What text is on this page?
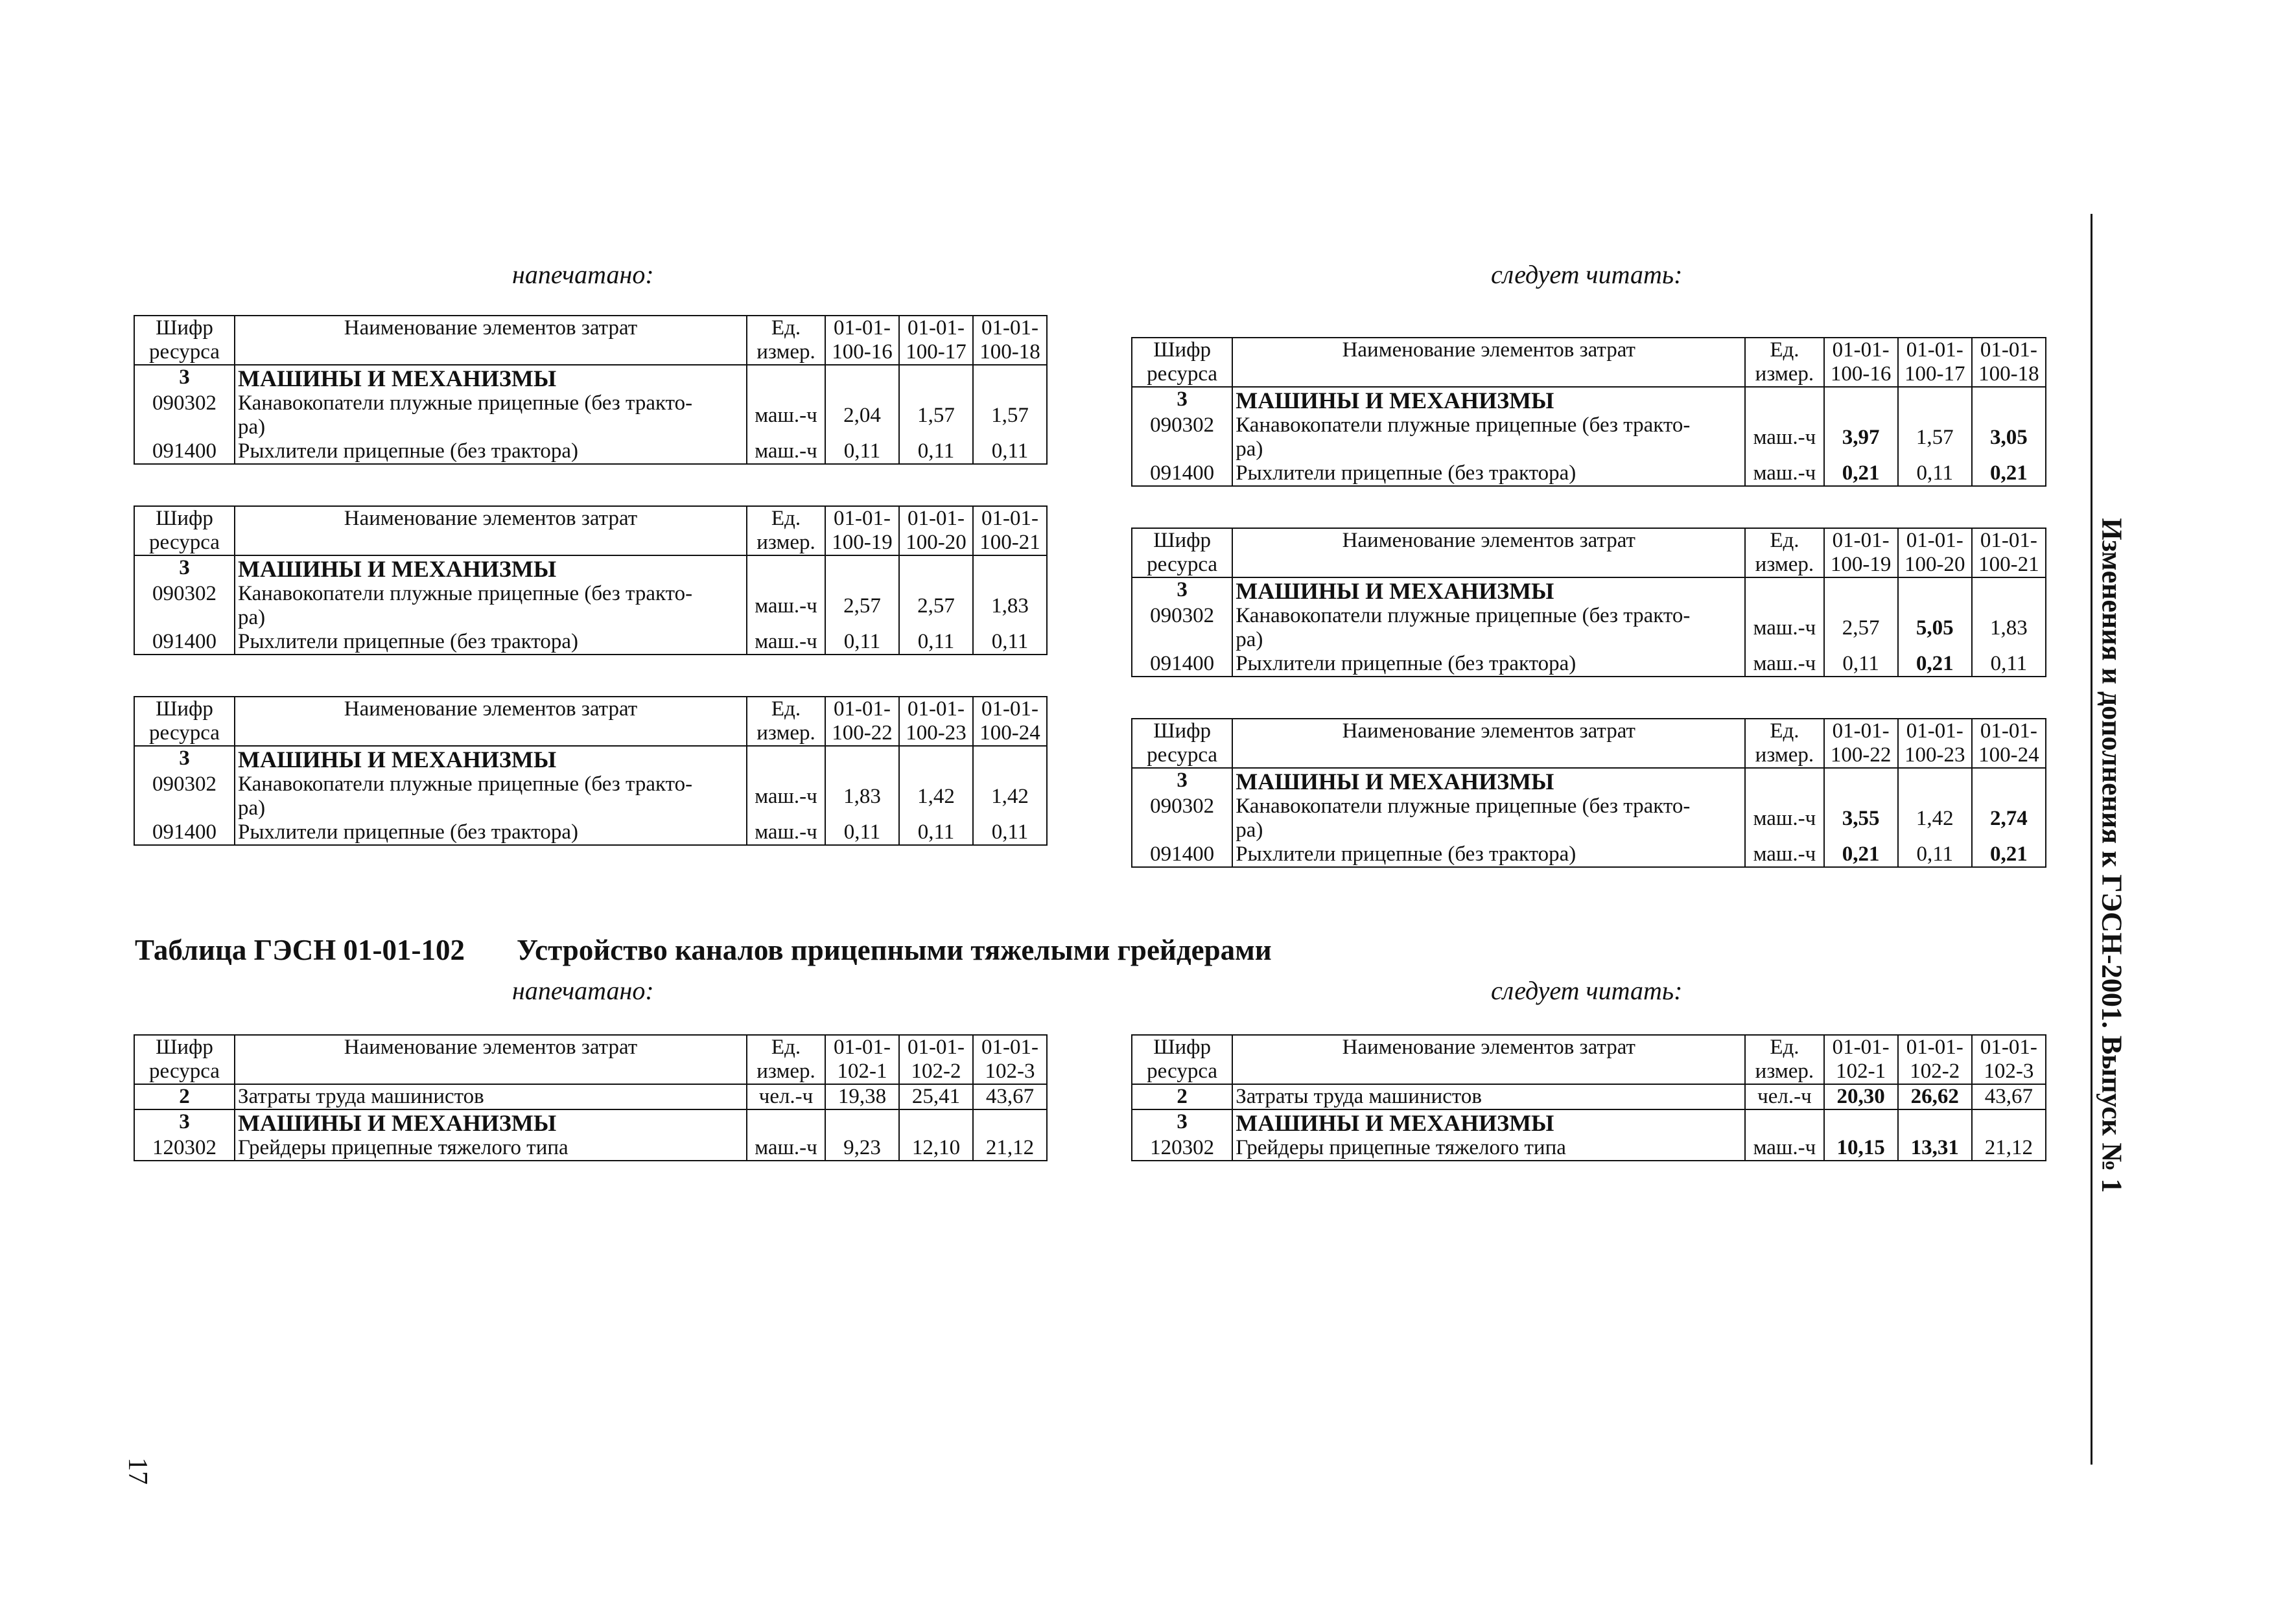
напечатано:	следует читать:
Изменения и дополнения к ГЭСН-2001. Выпуск № 1
Шифр	Наименование элементов затрат	Ед.	01-01-	01-01-	01-01-
ресурса		измер.	100-16	100-17	100-18
3	МАШИНЫ И МЕХАНИЗМЫ				
090302	Канавокопатели плужные прицепные (без тракто-	маш.-ч	2,04	1,57	1,57
	ра)				
091400	Рыхлители прицепные (без трактора)	маш.-ч	0,11	0,11	0,11
Шифр	Наименование элементов затрат	Ед.	01-01-	01-01-	01-01-
ресурса		измер.	100-19	100-20	100-21
3	МАШИНЫ И МЕХАНИЗМЫ				
090302	Канавокопатели плужные прицепные (без тракто-	маш.-ч	2,57	2,57	1,83
	ра)				
091400	Рыхлители прицепные (без трактора)	маш.-ч	0,11	0,11	0,11
Шифр	Наименование элементов затрат	Ед.	01-01-	01-01-	01-01-
ресурса		измер.	100-22	100-23	100-24
3	МАШИНЫ И МЕХАНИЗМЫ				
090302	Канавокопатели плужные прицепные (без тракто-	маш.-ч	1,83	1,42	1,42
	ра)				
091400	Рыхлители прицепные (без трактора)	маш.-ч	0,11	0,11	0,11
Шифр	Наименование элементов затрат	Ед.	01-01-	01-01-	01-01-
ресурса		измер.	100-16	100-17	100-18
3	МАШИНЫ И МЕХАНИЗМЫ				
090302	Канавокопатели плужные прицепные (без тракто-	маш.-ч	3,97	1,57	3,05
	ра)				
091400	Рыхлители прицепные (без трактора)	маш.-ч	0,21	0,11	0,21
Шифр	Наименование элементов затрат	Ед.	01-01-	01-01-	01-01-
ресурса		измер.	100-19	100-20	100-21
3	МАШИНЫ И МЕХАНИЗМЫ				
090302	Канавокопатели плужные прицепные (без тракто-	маш.-ч	2,57	5,05	1,83
	ра)				
091400	Рыхлители прицепные (без трактора)	маш.-ч	0,11	0,21	0,11
Шифр	Наименование элементов затрат	Ед.	01-01-	01-01-	01-01-
ресурса		измер.	100-22	100-23	100-24
3	МАШИНЫ И МЕХАНИЗМЫ				
090302	Канавокопатели плужные прицепные (без тракто-	маш.-ч	3,55	1,42	2,74
	ра)				
091400	Рыхлители прицепные (без трактора)	маш.-ч	0,21	0,11	0,21
Таблица ГЭСН 01-01-102 Устройство каналов прицепными тяжелыми грейдерами
напечатано:	следует читать:
Шифр	Наименование элементов затрат	Ед.	01-01-	01-01-	01-01-
ресурса		измер.	102-1	102-2	102-3
2	Затраты труда машинистов	чел.-ч	19,38	25,41	43,67
3	МАШИНЫ И МЕХАНИЗМЫ				
120302	Грейдеры прицепные тяжелого типа	маш.-ч	9,23	12,10	21,12
Шифр	Наименование элементов затрат	Ед.	01-01-	01-01-	01-01-
ресурса		измер.	102-1	102-2	102-3
2	Затраты труда машинистов	чел.-ч	20,30	26,62	43,67
3	МАШИНЫ И МЕХАНИЗМЫ				
120302	Грейдеры прицепные тяжелого типа	маш.-ч	10,15	13,31	21,12
17
